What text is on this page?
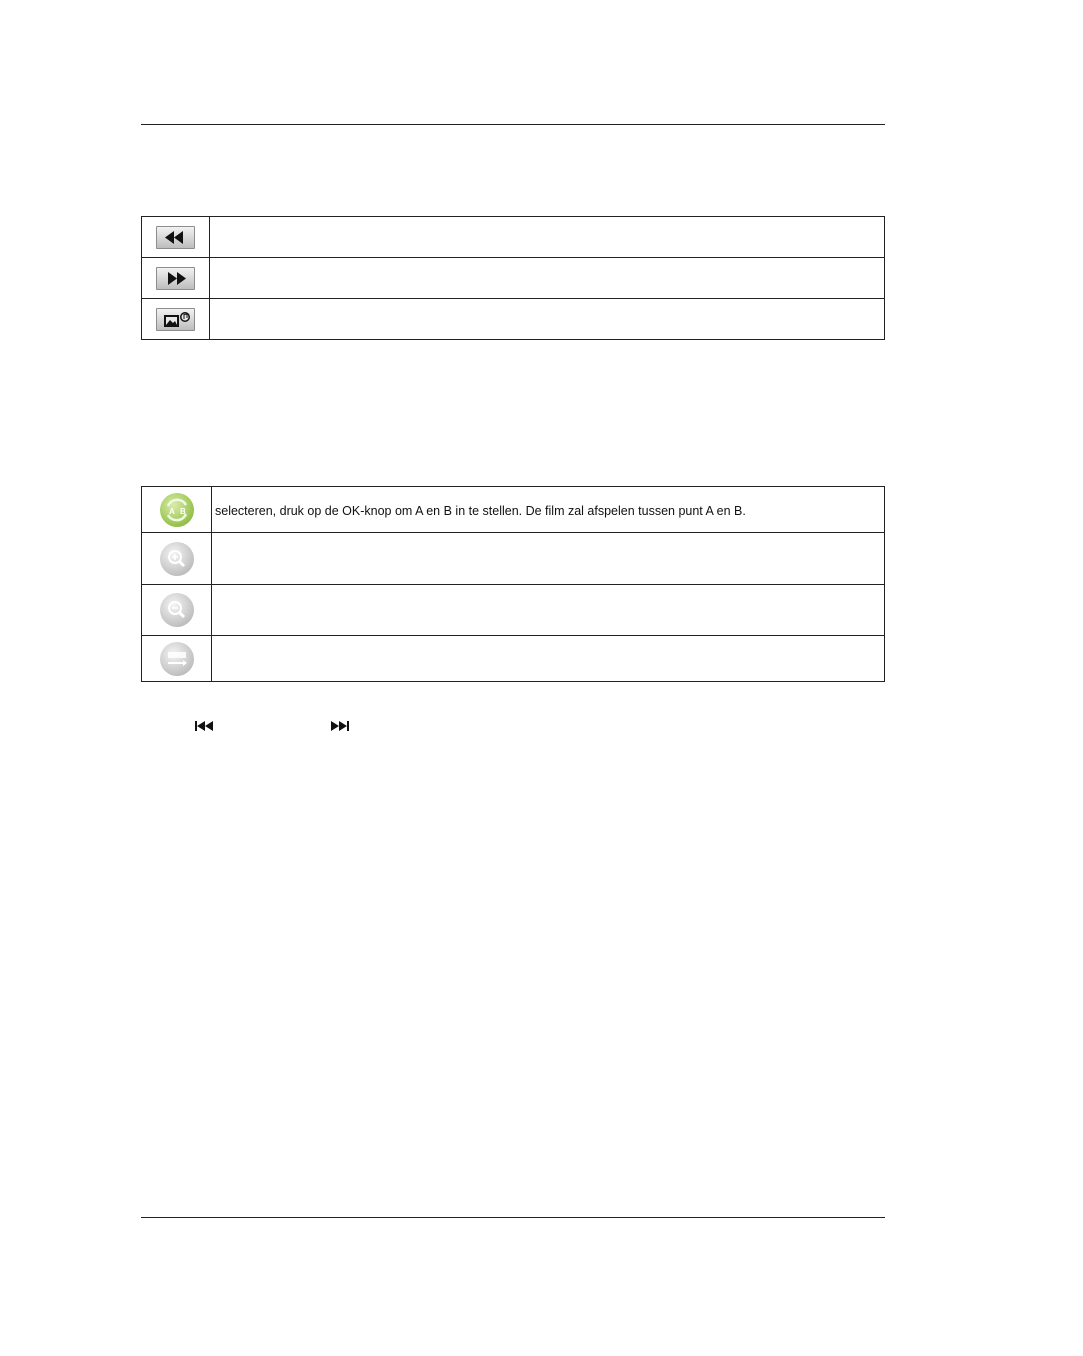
A B	selecteren, druk op de OK-knop om A en B in te stellen. De film zal afspelen tussen punt A en B.
